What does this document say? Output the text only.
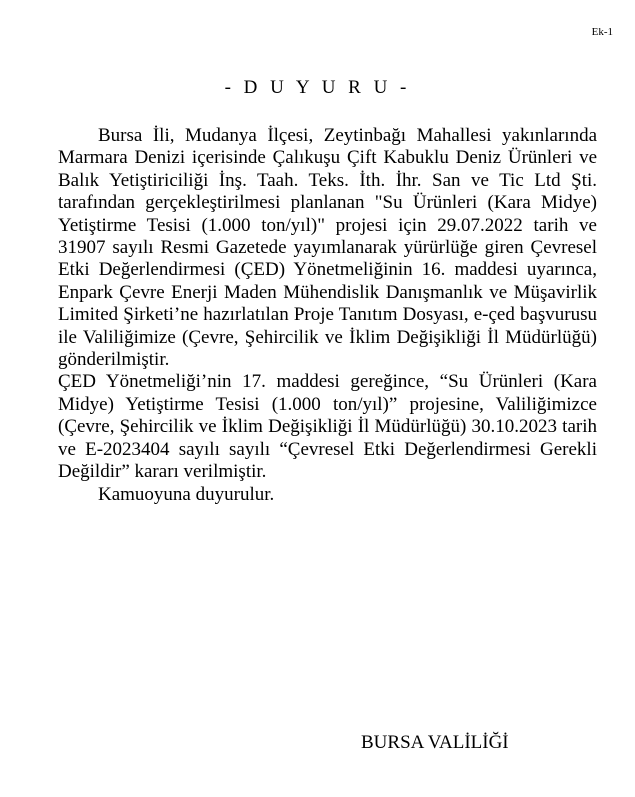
Ek-1
- D U Y U R U -

Bursa İli, Mudanya İlçesi, Zeytinbağı Mahallesi yakınlarında Marmara Denizi içerisinde Çalıkuşu Çift Kabuklu Deniz Ürünleri ve Balık Yetiştiriciliği İnş. Taah. Teks. İth. İhr. San ve Tic Ltd Şti. tarafından gerçekleştirilmesi planlanan "Su Ürünleri (Kara Midye) Yetiştirme Tesisi (1.000 ton/yıl)" projesi için 29.07.2022 tarih ve 31907 sayılı Resmi Gazetede yayımlanarak yürürlüğe giren Çevresel Etki Değerlendirmesi (ÇED) Yönetmeliğinin 16. maddesi uyarınca, Enpark Çevre Enerji Maden Mühendislik Danışmanlık ve Müşavirlik Limited Şirketi’ne hazırlatılan Proje Tanıtım Dosyası, e-çed başvurusu ile Valiliğimize (Çevre, Şehircilik ve İklim Değişikliği İl Müdürlüğü) gönderilmiştir.

ÇED Yönetmeliği’nin 17. maddesi gereğince, “Su Ürünleri (Kara Midye) Yetiştirme Tesisi (1.000 ton/yıl)” projesine, Valiliğimizce (Çevre, Şehircilik ve İklim Değişikliği İl Müdürlüğü) 30.10.2023 tarih ve E-2023404 sayılı sayılı “Çevresel Etki Değerlendirmesi Gerekli Değildir” kararı verilmiştir.

Kamuoyuna duyurulur.

BURSA VALİLİĞİ
